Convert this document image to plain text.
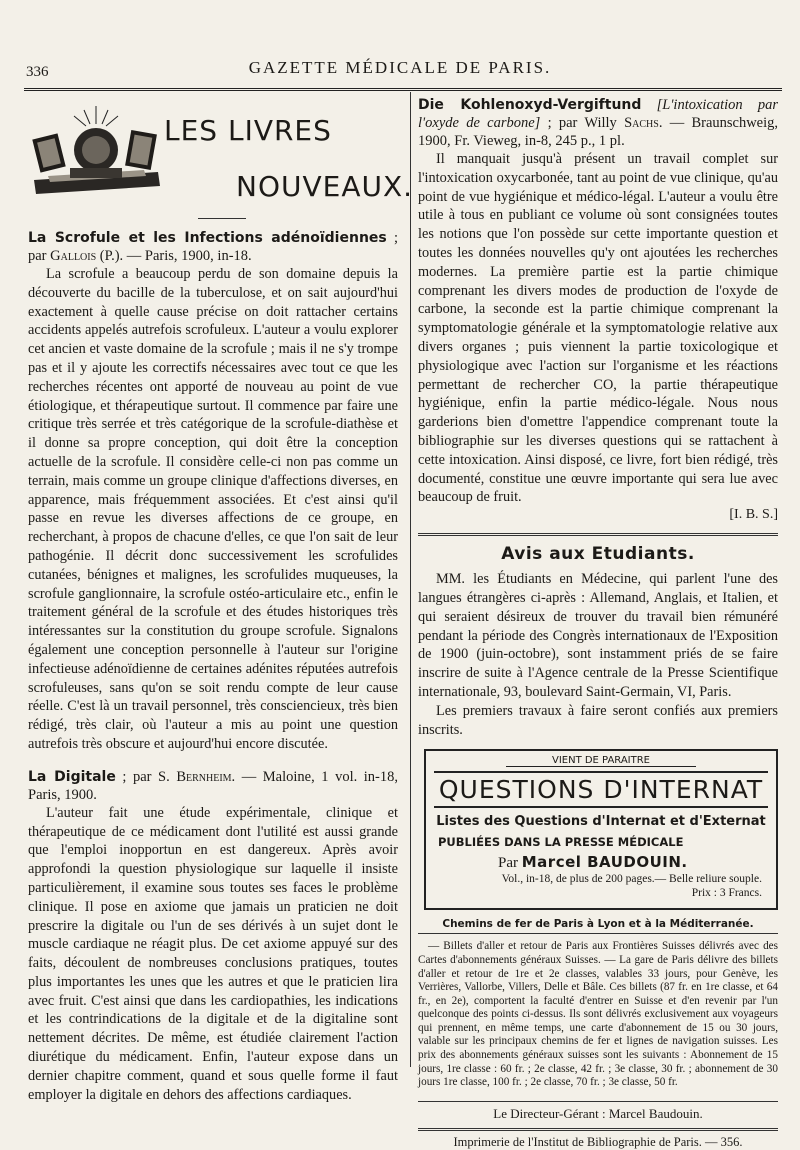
336	GAZETTE MÉDICALE DE PARIS.
LES LIVRES
NOUVEAUX.
La Scrofule et les Infections adénoïdiennes ; par Gallois (P.). — Paris, 1900, in-18.

La scrofule a beaucoup perdu de son domaine depuis la découverte du bacille de la tuberculose, et on sait aujourd'hui exactement à quelle cause précise on doit rattacher certains accidents appelés autrefois scrofuleux. L'auteur a voulu explorer cet ancien et vaste domaine de la scrofule ; mais il ne s'y trompe pas et il y ajoute les correctifs nécessaires avec tout ce que les recherches récentes ont apporté de nouveau au point de vue étiologique, et thérapeutique surtout. Il commence par faire une critique très serrée et très catégorique de la scrofule-diathèse et il donne sa propre conception, qui doit être la conception actuelle de la scrofule. Il considère celle-ci non pas comme un terrain, mais comme un groupe clinique d'affections diverses, en apparence, mais fréquemment associées. Et c'est ainsi qu'il passe en revue les diverses affections de ce groupe, en recherchant, à propos de chacune d'elles, ce que l'on sait de leur pathogénie. Il décrit donc successivement les scrofulides cutanées, bénignes et malignes, les scrofulides muqueuses, la scrofule ganglionnaire, la scrofule ostéo-articulaire etc., enfin le traitement général de la scrofule et des études historiques très intéressantes sur la constitution du groupe scrofule. Signalons également une conception personnelle à l'auteur sur l'origine infectieuse adénoïdienne de certaines adénites réputées autrefois scrofuleuses, sans qu'on se soit rendu compte de leur cause réelle. C'est là un travail personnel, très consciencieux, très bien rédigé, très clair, où l'auteur a mis au point une question autrefois très obscure et aujourd'hui encore discutée.

La Digitale ; par S. Bernheim. — Maloine, 1 vol. in-18, Paris, 1900.

L'auteur fait une étude expérimentale, clinique et thérapeutique de ce médicament dont l'utilité est aussi grande que l'emploi inopportun en est dangereux. Après avoir approfondi la question physiologique sur laquelle il insiste particulièrement, il examine sous toutes ses faces le problème clinique. Il pose en axiome que jamais un praticien ne doit prescrire la digitale ou l'un de ses dérivés à un sujet dont le muscle cardiaque ne réagit plus. De cet axiome appuyé sur des faits, découlent de nombreuses conclusions pratiques, toutes plus importantes les unes que les autres et que le praticien lira avec fruit. C'est ainsi que dans les cardiopathies, les indications et les contrindications de la digitale et de la digitaline sont nettement décrites. De même, est étudiée clairement l'action diurétique du médicament. Enfin, l'auteur expose dans un dernier chapitre comment, quand et sous quelle forme il faut employer la digitale en dehors des affections cardiaques.

Die Kohlenoxyd-Vergiftund [L'intoxication par l'oxyde de carbone] ; par Willy Sachs. — Braunschweig, 1900, Fr. Vieweg, in-8, 245 p., 1 pl.

Il manquait jusqu'à présent un travail complet sur l'intoxication oxycarbonée, tant au point de vue clinique, qu'au point de vue hygiénique et médico-légal. L'auteur a voulu être utile à tous en publiant ce volume où sont consignées toutes les notions que l'on possède sur cette importante question et toutes les données nouvelles qu'y ont ajoutées les recherches modernes. La première partie est la partie chimique comprenant les divers modes de production de l'oxyde de carbone, la seconde est la partie chimique comprenant la symptomatologie générale et la symptomatologie relative aux divers organes ; puis viennent la partie toxicologique et physiologique avec l'action sur l'organisme et les réactions permettant de rechercher CO, la partie thérapeutique hygiénique, enfin la partie médico-légale. Nous nous garderions bien d'omettre l'appendice comprenant toute la bibliographie sur les diverses questions qui se rattachent à cette intoxication. Ainsi disposé, ce livre, fort bien rédigé, très documenté, constitue une œuvre importante qui sera lue avec beaucoup de fruit.

[I. B. S.]
Avis aux Etudiants.

MM. les Étudiants en Médecine, qui parlent l'une des langues étrangères ci-après : Allemand, Anglais, et Italien, et qui seraient désireux de trouver du travail bien rémunéré pendant la période des Congrès internationaux de l'Exposition de 1900 (juin-octobre), sont instamment priés de se faire inscrire de suite à l'Agence centrale de la Presse Scientifique internationale, 93, boulevard Saint-Germain, VI, Paris.

Les premiers travaux à faire seront confiés aux premiers inscrits.

VIENT DE PARAITRE
QUESTIONS D'INTERNAT
Listes des Questions d'Internat et d'Externat
PUBLIÉES DANS LA PRESSE MÉDICALE
Par Marcel BAUDOUIN.
Vol., in-18, de plus de 200 pages.— Belle reliure souple.
Prix : 3 Francs.
Chemins de fer de Paris à Lyon et à la Méditerranée.

— Billets d'aller et retour de Paris aux Frontières Suisses délivrés avec des Cartes d'abonnements généraux Suisses. — La gare de Paris délivre des billets d'aller et retour de 1re et 2e classes, valables 33 jours, pour Genève, les Verrières, Vallorbe, Villers, Delle et Bâle. Ces billets (87 fr. en 1re classe, et 64 fr., en 2e), comportent la faculté d'entrer en Suisse et d'en revenir par l'un quelconque des points ci-dessus. Ils sont délivrés exclusivement aux voyageurs qui prennent, en même temps, une carte d'abonnement de 15 ou 30 jours, valable sur les principaux chemins de fer et lignes de navigation suisses. Les prix des abonnements généraux suisses sont les suivants : Abonnement de 15 jours, 1re classe : 60 fr. ; 2e classe, 42 fr. ; 3e classe, 30 fr. ; abonnement de 30 jours 1re classe, 100 fr. ; 2e classe, 70 fr. ; 3e classe, 50 fr.

Le Directeur-Gérant : Marcel Baudouin.
Imprimerie de l'Institut de Bibliographie de Paris. — 356.
